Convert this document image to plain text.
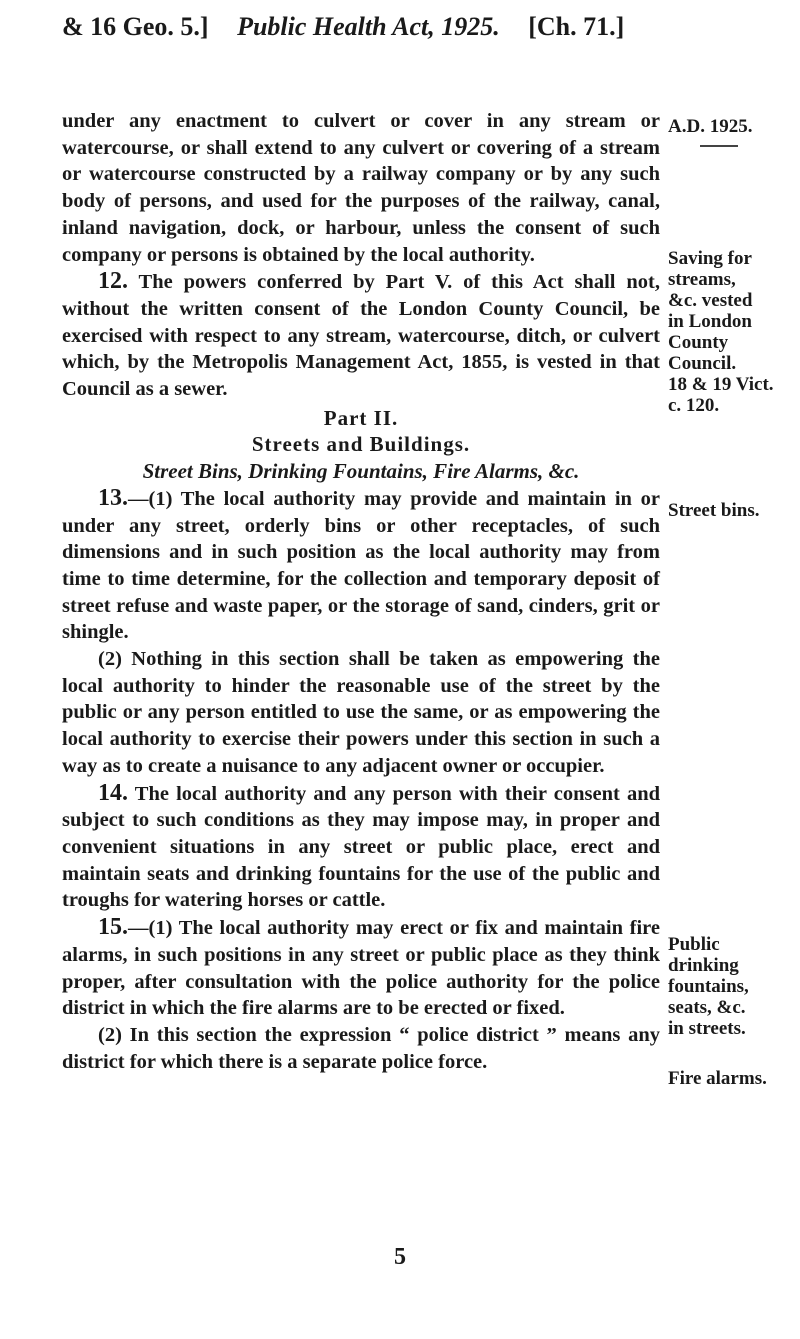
& 16 Geo. 5.] Public Health Act, 1925. [Ch. 71.]

under any enactment to culvert or cover in any stream or watercourse, or shall extend to any culvert or covering of a stream or watercourse constructed by a railway company or by any such body of persons, and used for the purposes of the railway, canal, inland navigation, dock, or harbour, unless the consent of such company or persons is obtained by the local authority.

12. The powers conferred by Part V. of this Act shall not, without the written consent of the London County Council, be exercised with respect to any stream, watercourse, ditch, or culvert which, by the Metropolis Management Act, 1855, is vested in that Council as a sewer.

Part II.

Streets and Buildings.

Street Bins, Drinking Fountains, Fire Alarms, &c.

13.—(1) The local authority may provide and maintain in or under any street, orderly bins or other receptacles, of such dimensions and in such position as the local authority may from time to time determine, for the collection and temporary deposit of street refuse and waste paper, or the storage of sand, cinders, grit or shingle.

(2) Nothing in this section shall be taken as empowering the local authority to hinder the reasonable use of the street by the public or any person entitled to use the same, or as empowering the local authority to exercise their powers under this section in such a way as to create a nuisance to any adjacent owner or occupier.

14. The local authority and any person with their consent and subject to such conditions as they may impose may, in proper and convenient situations in any street or public place, erect and maintain seats and drinking fountains for the use of the public and troughs for watering horses or cattle.

15.—(1) The local authority may erect or fix and maintain fire alarms, in such positions in any street or public place as they think proper, after consultation with the police authority for the police district in which the fire alarms are to be erected or fixed.

(2) In this section the expression “ police district ” means any district for which there is a separate police force.

A.D. 1925.
Saving for
streams,
&c. vested
in London
County
Council.
18 & 19 Vict.
c. 120.
Street bins.
Public
drinking
fountains,
seats, &c.
in streets.
Fire alarms.
5
